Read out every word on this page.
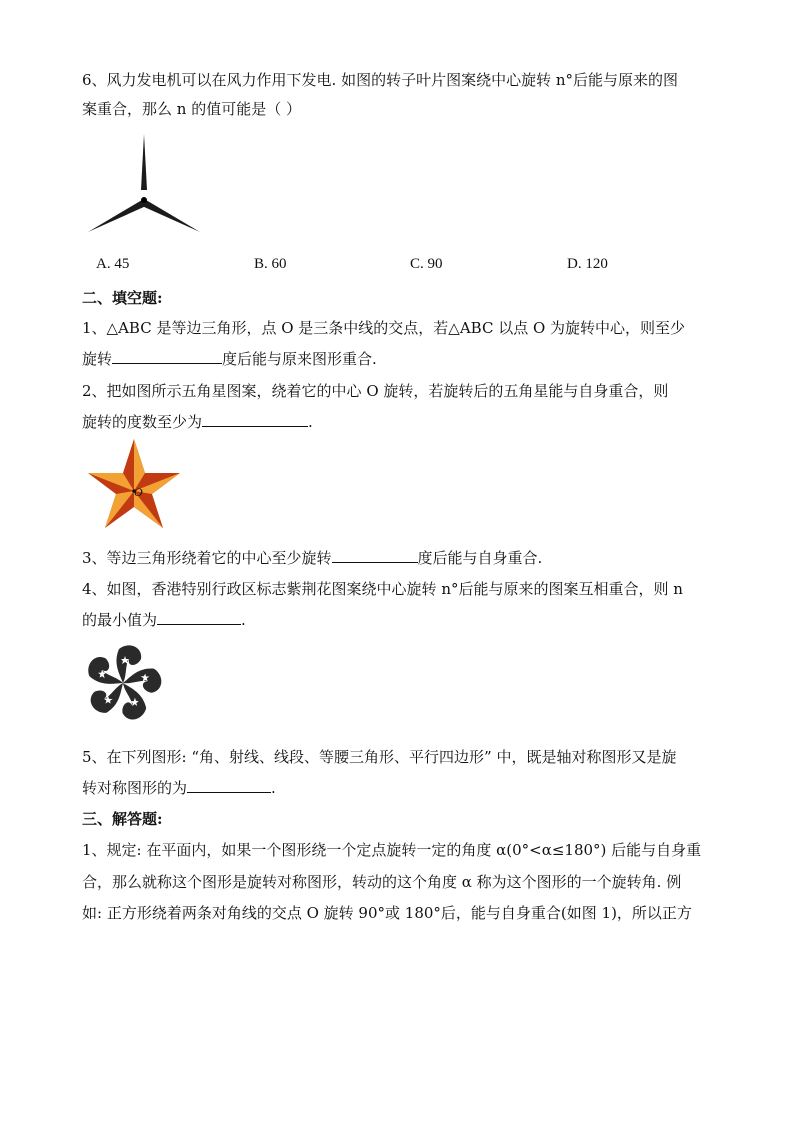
6、风力发电机可以在风力作用下发电. 如图的转子叶片图案绕中心旋转 n°后能与原来的图
案重合，那么 n 的值可能是（ ）
A. 45	B. 60	C. 90	D. 120
二、填空题:
1、△ABC 是等边三角形，点 O 是三条中线的交点，若△ABC 以点 O 为旋转中心，则至少
旋转	度后能与原来图形重合.
2、把如图所示五角星图案，绕着它的中心 O 旋转，若旋转后的五角星能与自身重合，则
旋转的度数至少为	.
O
3、等边三角形绕着它的中心至少旋转	度后能与自身重合.
4、如图，香港特别行政区标志紫荆花图案绕中心旋转 n°后能与原来的图案互相重合，则 n
的最小值为	.
5、在下列图形: “角、射线、线段、等腰三角形、平行四边形” 中，既是轴对称图形又是旋
转对称图形的为	.
三、解答题:
1、规定: 在平面内，如果一个图形绕一个定点旋转一定的角度 α(0°<α≤180°) 后能与自身重
合，那么就称这个图形是旋转对称图形，转动的这个角度 α 称为这个图形的一个旋转角. 例
如: 正方形绕着两条对角线的交点 O 旋转 90°或 180°后，能与自身重合(如图 1)，所以正方
